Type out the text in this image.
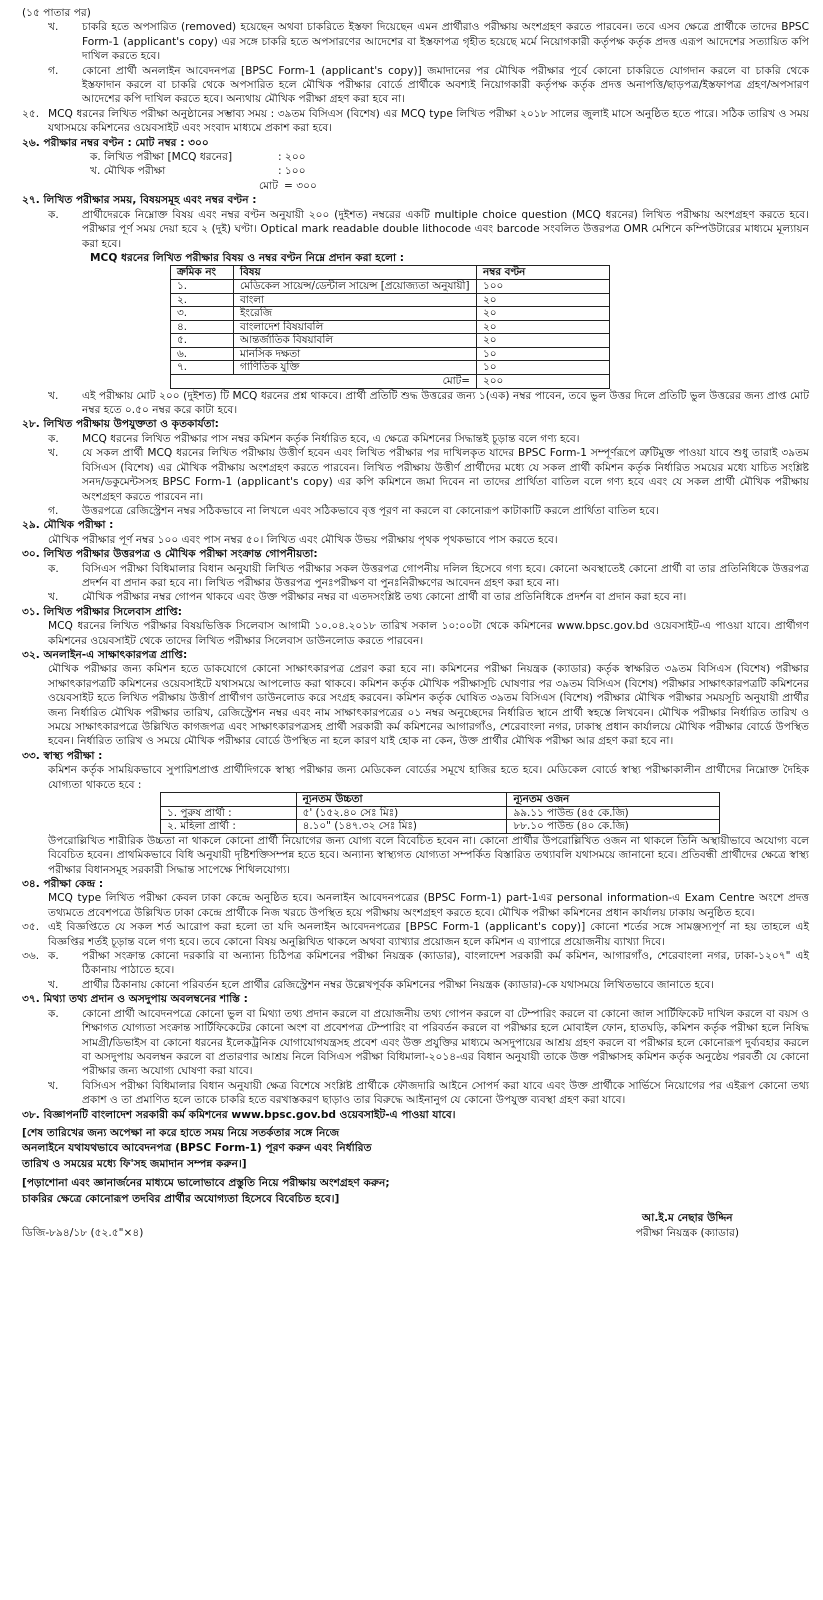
(১৫ পাতার পর)

খ.	চাকরি হতে অপসারিত (removed) হয়েছেন অথবা চাকরিতে ইস্তফা দিয়েছেন এমন প্রার্থীরাও পরীক্ষায় অংশগ্রহণ করতে পারবেন। তবে এসব ক্ষেত্রে প্রার্থীকে তাদের BPSC Form-1 (applicant's copy) এর সঙ্গে চাকরি হতে অপসারণের আদেশের বা ইস্তফাপত্র গৃহীত হয়েছে মর্মে নিয়োগকারী কর্তৃপক্ষ কর্তৃক প্রদত্ত এরূপ আদেশের সত্যায়িত কপি দাখিল করতে হবে।
গ.	কোনো প্রার্থী অনলাইন আবেদনপত্র [BPSC Form-1 (applicant's copy)] জমাদানের পর মৌখিক পরীক্ষার পূর্বে কোনো চাকরিতে যোগদান করলে বা চাকরি থেকে ইস্তফাদান করলে বা চাকরি থেকে অপসারিত হলে মৌখিক পরীক্ষার বোর্ডে প্রার্থীকে অবশ্যই নিয়োগকারী কর্তৃপক্ষ কর্তৃক প্রদত্ত অনাপত্তি/ছাড়পত্র/ইস্তফাপত্র গ্রহণ/অপসারণ আদেশের কপি দাখিল করতে হবে। অন্যথায় মৌখিক পরীক্ষা গ্রহণ করা হবে না।
২৫. MCQ ধরনের লিখিত পরীক্ষা অনুষ্ঠানের সম্ভাব্য সময় : ৩৯তম বিসিএস (বিশেষ) এর MCQ type লিখিত পরীক্ষা ২০১৮ সালের জুলাই মাসে অনুষ্ঠিত হতে পারে। সঠিক তারিখ ও সময় যথাসময়ে কমিশনের ওয়েবসাইট এবং সংবাদ মাধ্যমে প্রকাশ করা হবে।

২৬. পরীক্ষার নম্বর বণ্টন : মোট নম্বর : ৩০০

ক. লিখিত পরীক্ষা [MCQ ধরনের]	: ২০০
খ. মৌখিক পরীক্ষা	: ১০০
মোট = ৩০০

২৭. লিখিত পরীক্ষার সময়, বিষয়সমূহ এবং নম্বর বণ্টন :

ক.	প্রার্থীদেরকে নিম্নোক্ত বিষয় এবং নম্বর বণ্টন অনুযায়ী ২০০ (দুইশত) নম্বরের একটি multiple choice question (MCQ ধরনের) লিখিত পরীক্ষায় অংশগ্রহণ করতে হবে। পরীক্ষার পূর্ণ সময় দেয়া হবে ২ (দুই) ঘণ্টা। Optical mark readable double lithocode এবং barcode সংবলিত উত্তরপত্র OMR মেশিনে কম্পিউটারের মাধ্যমে মূল্যায়ন করা হবে।

MCQ ধরনের লিখিত পরীক্ষার বিষয় ও নম্বর বণ্টন নিম্নে প্রদান করা হলো :

ক্রমিক নং	বিষয়	নম্বর বণ্টন
১.	মেডিকেল সায়েন্স/ডেন্টাল সায়েন্স [প্রয়োজ্যতা অনুযায়ী]	১০০
২.	বাংলা	২০
৩.	ইংরেজি	২০
৪.	বাংলাদেশ বিষয়াবলি	২০
৫.	আন্তর্জাতিক বিষয়াবলি	২০
৬.	মানসিক দক্ষতা	১০
৭.	গাণিতিক যুক্তি	১০
	মোট=	২০০
খ.	এই পরীক্ষায় মোট ২০০ (দুইশত) টি MCQ ধরনের প্রশ্ন থাকবে। প্রার্থী প্রতিটি শুদ্ধ উত্তরের জন্য ১(এক) নম্বর পাবেন, তবে ভুল উত্তর দিলে প্রতিটি ভুল উত্তরের জন্য প্রাপ্ত মোট নম্বর হতে ০.৫০ নম্বর করে কাটা হবে।

২৮. লিখিত পরীক্ষায় উপযুক্ততা ও কৃতকার্যতা:

ক.	MCQ ধরনের লিখিত পরীক্ষার পাস নম্বর কমিশন কর্তৃক নির্ধারিত হবে, এ ক্ষেত্রে কমিশনের সিদ্ধান্তই চূড়ান্ত বলে গণ্য হবে।
খ.	যে সকল প্রার্থী MCQ ধরনের লিখিত পরীক্ষায় উত্তীর্ণ হবেন এবং লিখিত পরীক্ষার পর দাখিলকৃত যাদের BPSC Form-1 সম্পূর্ণরূপে ত্রুটিমুক্ত পাওয়া যাবে শুধু তারাই ৩৯তম বিসিএস (বিশেষ) এর মৌখিক পরীক্ষায় অংশগ্রহণ করতে পারবেন। লিখিত পরীক্ষায় উত্তীর্ণ প্রার্থীদের মধ্যে যে সকল প্রার্থী কমিশন কর্তৃক নির্ধারিত সময়ের মধ্যে যাচিত সংশ্লিষ্ট সনদ/ডকুমেন্টসসহ BPSC Form-1 (applicant's copy) এর কপি কমিশনে জমা দিবেন না তাদের প্রার্থিতা বাতিল বলে গণ্য হবে এবং যে সকল প্রার্থী মৌখিক পরীক্ষায় অংশগ্রহণ করতে পারবেন না।
গ.	উত্তরপত্রে রেজিস্ট্রেশন নম্বর সঠিকভাবে না লিখলে এবং সঠিকভাবে বৃত্ত পূরণ না করলে বা কোনোরূপ কাটাকাটি করলে প্রার্থিতা বাতিল হবে।

২৯. মৌখিক পরীক্ষা :

মৌখিক পরীক্ষার পূর্ণ নম্বর ১০০ এবং পাস নম্বর ৫০। লিখিত এবং মৌখিক উভয় পরীক্ষায় পৃথক পৃথকভাবে পাস করতে হবে।

৩০. লিখিত পরীক্ষার উত্তরপত্র ও মৌখিক পরীক্ষা সংক্রান্ত গোপনীয়তা:

ক.	বিসিএস পরীক্ষা বিধিমালার বিধান অনুযায়ী লিখিত পরীক্ষার সকল উত্তরপত্র গোপনীয় দলিল হিসেবে গণ্য হবে। কোনো অবস্থাতেই কোনো প্রার্থী বা তার প্রতিনিধিকে উত্তরপত্র প্রদর্শন বা প্রদান করা হবে না। লিখিত পরীক্ষার উত্তরপত্র পুনঃপরীক্ষণ বা পুনঃনিরীক্ষণের আবেদন গ্রহণ করা হবে না।
খ.	মৌখিক পরীক্ষার নম্বর গোপন থাকবে এবং উক্ত পরীক্ষার নম্বর বা এতদসংশ্লিষ্ট তথ্য কোনো প্রার্থী বা তার প্রতিনিধিকে প্রদর্শন বা প্রদান করা হবে না।

৩১. লিখিত পরীক্ষার সিলেবাস প্রাপ্তি:

MCQ ধরনের লিখিত পরীক্ষার বিষয়ভিত্তিক সিলেবাস আগামী ১০.০৪.২০১৮ তারিখ সকাল ১০:০০টা থেকে কমিশনের www.bpsc.gov.bd ওয়েবসাইট-এ পাওয়া যাবে। প্রার্থীগণ কমিশনের ওয়েবসাইট থেকে তাদের লিখিত পরীক্ষার সিলেবাস ডাউনলোড করতে পারবেন।

৩২. অনলাইন-এ সাক্ষাৎকারপত্র প্রাপ্তি:

মৌখিক পরীক্ষার জন্য কমিশন হতে ডাকযোগে কোনো সাক্ষাৎকারপত্র প্রেরণ করা হবে না। কমিশনের পরীক্ষা নিয়ন্ত্রক (ক্যাডার) কর্তৃক স্বাক্ষরিত ৩৯তম বিসিএস (বিশেষ) পরীক্ষার সাক্ষাৎকারপত্রটি কমিশনের ওয়েবসাইটে যথাসময়ে আপলোড করা থাকবে। কমিশন কর্তৃক মৌখিক পরীক্ষাসূচি ঘোষণার পর ৩৯তম বিসিএস (বিশেষ) পরীক্ষার সাক্ষাৎকারপত্রটি কমিশনের ওয়েবসাইট হতে লিখিত পরীক্ষায় উত্তীর্ণ প্রার্থীগণ ডাউনলোড করে সংগ্রহ করবেন। কমিশন কর্তৃক ঘোষিত ৩৯তম বিসিএস (বিশেষ) পরীক্ষার মৌখিক পরীক্ষার সময়সূচি অনুযায়ী প্রার্থীর জন্য নির্ধারিত মৌখিক পরীক্ষার তারিখ, রেজিস্ট্রেশন নম্বর এবং নাম সাক্ষাৎকারপত্রের ০১ নম্বর অনুচ্ছেদের নির্ধারিত স্থানে প্রার্থী স্বহস্তে লিখবেন। মৌখিক পরীক্ষার নির্ধারিত তারিখ ও সময়ে সাক্ষাৎকারপত্রে উল্লিখিত কাগজপত্র এবং সাক্ষাৎকারপত্রসহ প্রার্থী সরকারী কর্ম কমিশনের আগারগাঁও, শেরেবাংলা নগর, ঢাকাস্থ প্রধান কার্যালয়ে মৌখিক পরীক্ষার বোর্ডে উপস্থিত হবেন। নির্ধারিত তারিখ ও সময়ে মৌখিক পরীক্ষার বোর্ডে উপস্থিত না হলে কারণ যাই হোক না কেন, উক্ত প্রার্থীর মৌখিক পরীক্ষা আর গ্রহণ করা হবে না।

৩৩. স্বাস্থ্য পরীক্ষা :

কমিশন কর্তৃক সাময়িকভাবে সুপারিশপ্রাপ্ত প্রার্থীদিগকে স্বাস্থ্য পরীক্ষার জন্য মেডিকেল বোর্ডের সমূখে হাজির হতে হবে। মেডিকেল বোর্ডে স্বাস্থ্য পরীক্ষাকালীন প্রার্থীদের নিম্নোক্ত দৈহিক যোগ্যতা থাকতে হবে :

	ন্যূনতম উচ্চতা	ন্যূনতম ওজন
১. পুরুষ প্রার্থী :	৫' (১৫২.৪০ সেঃ মিঃ)	৯৯.১১ পাউন্ড (৪৫ কে.জি)
২. মহিলা প্রার্থী :	৪.১০" (১৪৭.৩২ সেঃ মিঃ)	৮৮.১০ পাউন্ড (৪০ কে.জি)

উপরোল্লিখিত শারীরিক উচ্চতা না থাকলে কোনো প্রার্থী নিয়োগের জন্য যোগ্য বলে বিবেচিত হবেন না। কোনো প্রার্থীর উপরোল্লিখিত ওজন না থাকলে তিনি অস্থায়ীভাবে অযোগ্য বলে বিবেচিত হবেন। প্রাথমিকভাবে বিধি অনুযায়ী দৃষ্টিশক্তিসম্পন্ন হতে হবে। অন্যান্য স্বাস্থ্যগত যোগ্যতা সম্পর্কিত বিস্তারিত তথ্যাবলি যথাসময়ে জানানো হবে। প্রতিবন্ধী প্রার্থীদের ক্ষেত্রে স্বাস্থ্য পরীক্ষার বিধানসমূহ সরকারী সিদ্ধান্ত সাপেক্ষে শিথিলযোগ্য।

৩৪. পরীক্ষা কেন্দ্র :

MCQ type লিখিত পরীক্ষা কেবল ঢাকা কেন্দ্রে অনুষ্ঠিত হবে। অনলাইন আবেদনপত্রের (BPSC Form-1) part-1এর personal information-এ Exam Centre অংশে প্রদত্ত তথ্যমতে প্রবেশপত্রে উল্লিখিত ঢাকা কেন্দ্রে প্রার্থীকে নিজ খরচে উপস্থিত হয়ে পরীক্ষায় অংশগ্রহণ করতে হবে। মৌখিক পরীক্ষা কমিশনের প্রধান কার্যালয় ঢাকায় অনুষ্ঠিত হবে।

৩৫. এই বিজ্ঞপ্তিতে যে সকল শর্ত আরোপ করা হলো তা যদি অনলাইন আবেদনপত্রের [BPSC Form-1 (applicant's copy)] কোনো শর্তের সঙ্গে সামঞ্জস্যপূর্ণ না হয় তাহলে এই বিজ্ঞপ্তির শর্তই চূড়ান্ত বলে গণ্য হবে। তবে কোনো বিষয় অনুল্লিখিত থাকলে অথবা ব্যাখ্যার প্রয়োজন হলে কমিশন এ ব্যাপারে প্রয়োজনীয় ব্যাখ্যা দিবে।
৩৬. ক.	পরীক্ষা সংক্রান্ত কোনো দরকারি বা অন্যান্য চিঠিপত্র কমিশনের পরীক্ষা নিয়ন্ত্রক (ক্যাডার), বাংলাদেশ সরকারী কর্ম কমিশন, আগারগাঁও, শেরেবাংলা নগর, ঢাকা-১২০৭" এই ঠিকানায় পাঠাতে হবে।
খ.	প্রার্থীর ঠিকানায় কোনো পরিবর্তন হলে প্রার্থীর রেজিস্ট্রেশন নম্বর উল্লেখপূর্বক কমিশনের পরীক্ষা নিয়ন্ত্রক (ক্যাডার)-কে যথাসময়ে লিখিতভাবে জানাতে হবে।

৩৭. মিথ্যা তথ্য প্রদান ও অসদুপায় অবলম্বনের শাস্তি :

ক.	কোনো প্রার্থী আবেদনপত্রে কোনো ভুল বা মিথ্যা তথ্য প্রদান করলে বা প্রয়োজনীয় তথ্য গোপন করলে বা টেম্পারিং করলে বা কোনো জাল সার্টিফিকেট দাখিল করলে বা বয়স ও শিক্ষাগত যোগ্যতা সংক্রান্ত সার্টিফিকেটের কোনো অংশ বা প্রবেশপত্র টেম্পারিং বা পরিবর্তন করলে বা পরীক্ষার হলে মোবাইল ফোন, হাতঘড়ি, কমিশন কর্তৃক পরীক্ষা হলে নিষিদ্ধ সামগ্রী/ডিভাইস বা কোনো ধরনের ইলেকট্রনিক যোগাযোগযন্ত্রসহ প্রবেশ এবং উক্ত প্রযুক্তির মাধ্যমে অসদুপায়ের আশ্রয় গ্রহণ করলে বা পরীক্ষার হলে কোনোরূপ দুর্ব্যবহার করলে বা অসদুপায় অবলম্বন করলে বা প্রতারণার আশ্রয় নিলে বিসিএস পরীক্ষা বিধিমালা-২০১৪-এর বিধান অনুযায়ী তাকে উক্ত পরীক্ষাসহ কমিশন কর্তৃক অনুষ্ঠেয় পরবর্তী যে কোনো পরীক্ষার জন্য অযোগ্য ঘোষণা করা যাবে।
খ.	বিসিএস পরীক্ষা বিধিমালার বিধান অনুযায়ী ক্ষেত্র বিশেষে সংশ্লিষ্ট প্রার্থীকে ফৌজদারি আইনে সোপর্দ করা যাবে এবং উক্ত প্রার্থীকে সার্ভিসে নিয়োগের পর এইরূপ কোনো তথ্য প্রকাশ ও তা প্রমাণিত হলে তাকে চাকরি হতে বরখাস্তকরণ ছাড়াও তার বিরুদ্ধে আইনানুগ যে কোনো উপযুক্ত ব্যবস্থা গ্রহণ করা যাবে।

৩৮. বিজ্ঞাপনটি বাংলাদেশ সরকারী কর্ম কমিশনের www.bpsc.gov.bd ওয়েবসাইট-এ পাওয়া যাবে।

[শেষ তারিখের জন্য অপেক্ষা না করে হাতে সময় নিয়ে সতর্কতার সঙ্গে নিজে
অনলাইনে যথাযথভাবে আবেদনপত্র (BPSC Form-1) পূরণ করুন এবং নির্ধারিত
তারিখ ও সময়ের মধ্যে ফি'সহ জমাদান সম্পন্ন করুন।]
[পড়াশোনা এবং জ্ঞানার্জনের মাধ্যমে ভালোভাবে প্রস্তুতি নিয়ে পরীক্ষায় অংশগ্রহণ করুন;
চাকরির ক্ষেত্রে কোনোরূপ তদবির প্রার্থীর অযোগ্যতা হিসেবে বিবেচিত হবে।]
ডিজি-৮৯৪/১৮ (৫২.৫"×৪)
আ.ই.ম নেছার উদ্দিন
পরীক্ষা নিয়ন্ত্রক (ক্যাডার)
